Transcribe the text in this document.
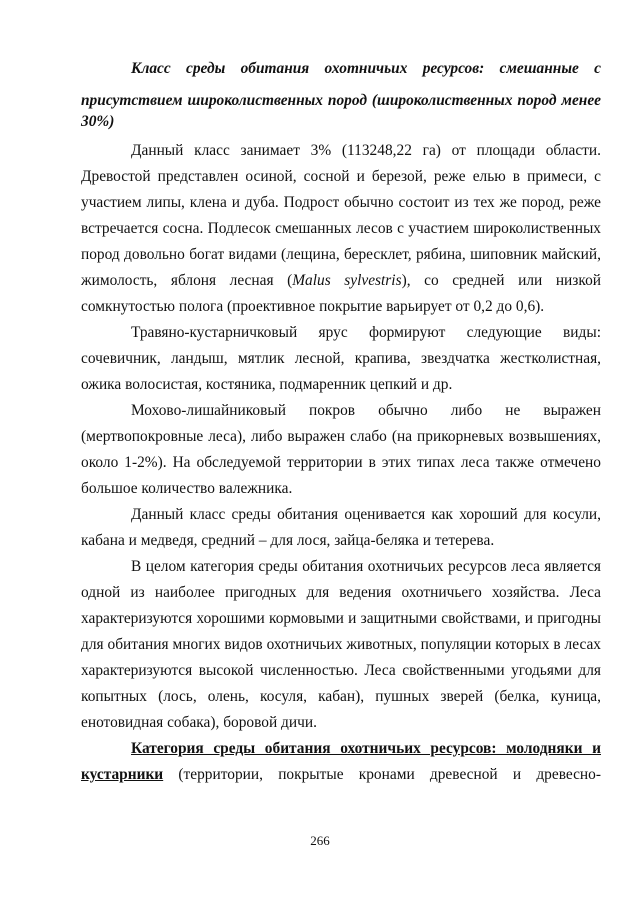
Класс среды обитания охотничьих ресурсов: смешанные с
присутствием широколиственных пород (широколиственных пород менее
30%)
Данный класс занимает 3% (113248,22 га) от площади области.
Древостой представлен осиной, сосной и березой, реже елью в примеси, с
участием липы, клена и дуба. Подрост обычно состоит из тех же пород, реже
встречается сосна. Подлесок смешанных лесов с участием широколиственных
пород довольно богат видами (лещина, бересклет, рябина, шиповник майский,
жимолость, яблоня лесная (Malus sylvestris), со средней или низкой
сомкнутостью полога (проективное покрытие варьирует от 0,2 до 0,6).
Травяно-кустарничковый ярус формируют следующие виды:
сочевичник, ландыш, мятлик лесной, крапива, звездчатка жестколистная,
ожика волосистая, костяника, подмаренник цепкий и др.
Мохово-лишайниковый покров обычно либо не выражен
(мертвопокровные леса), либо выражен слабо (на прикорневых возвышениях,
около 1-2%). На обследуемой территории в этих типах леса также отмечено
большое количество валежника.
Данный класс среды обитания оценивается как хороший для косули,
кабана и медведя, средний – для лося, зайца-беляка и тетерева.
В целом категория среды обитания охотничьих ресурсов леса является
одной из наиболее пригодных для ведения охотничьего хозяйства. Леса
характеризуются хорошими кормовыми и защитными свойствами, и пригодны
для обитания многих видов охотничьих животных, популяции которых в лесах
характеризуются высокой численностью. Леса свойственными угодьями для
копытных (лось, олень, косуля, кабан), пушных зверей (белка, куница,
енотовидная собака), боровой дичи.
Категория среды обитания охотничьих ресурсов: молодняки и
кустарники (территории, покрытые кронами древесной и древесно-
266
